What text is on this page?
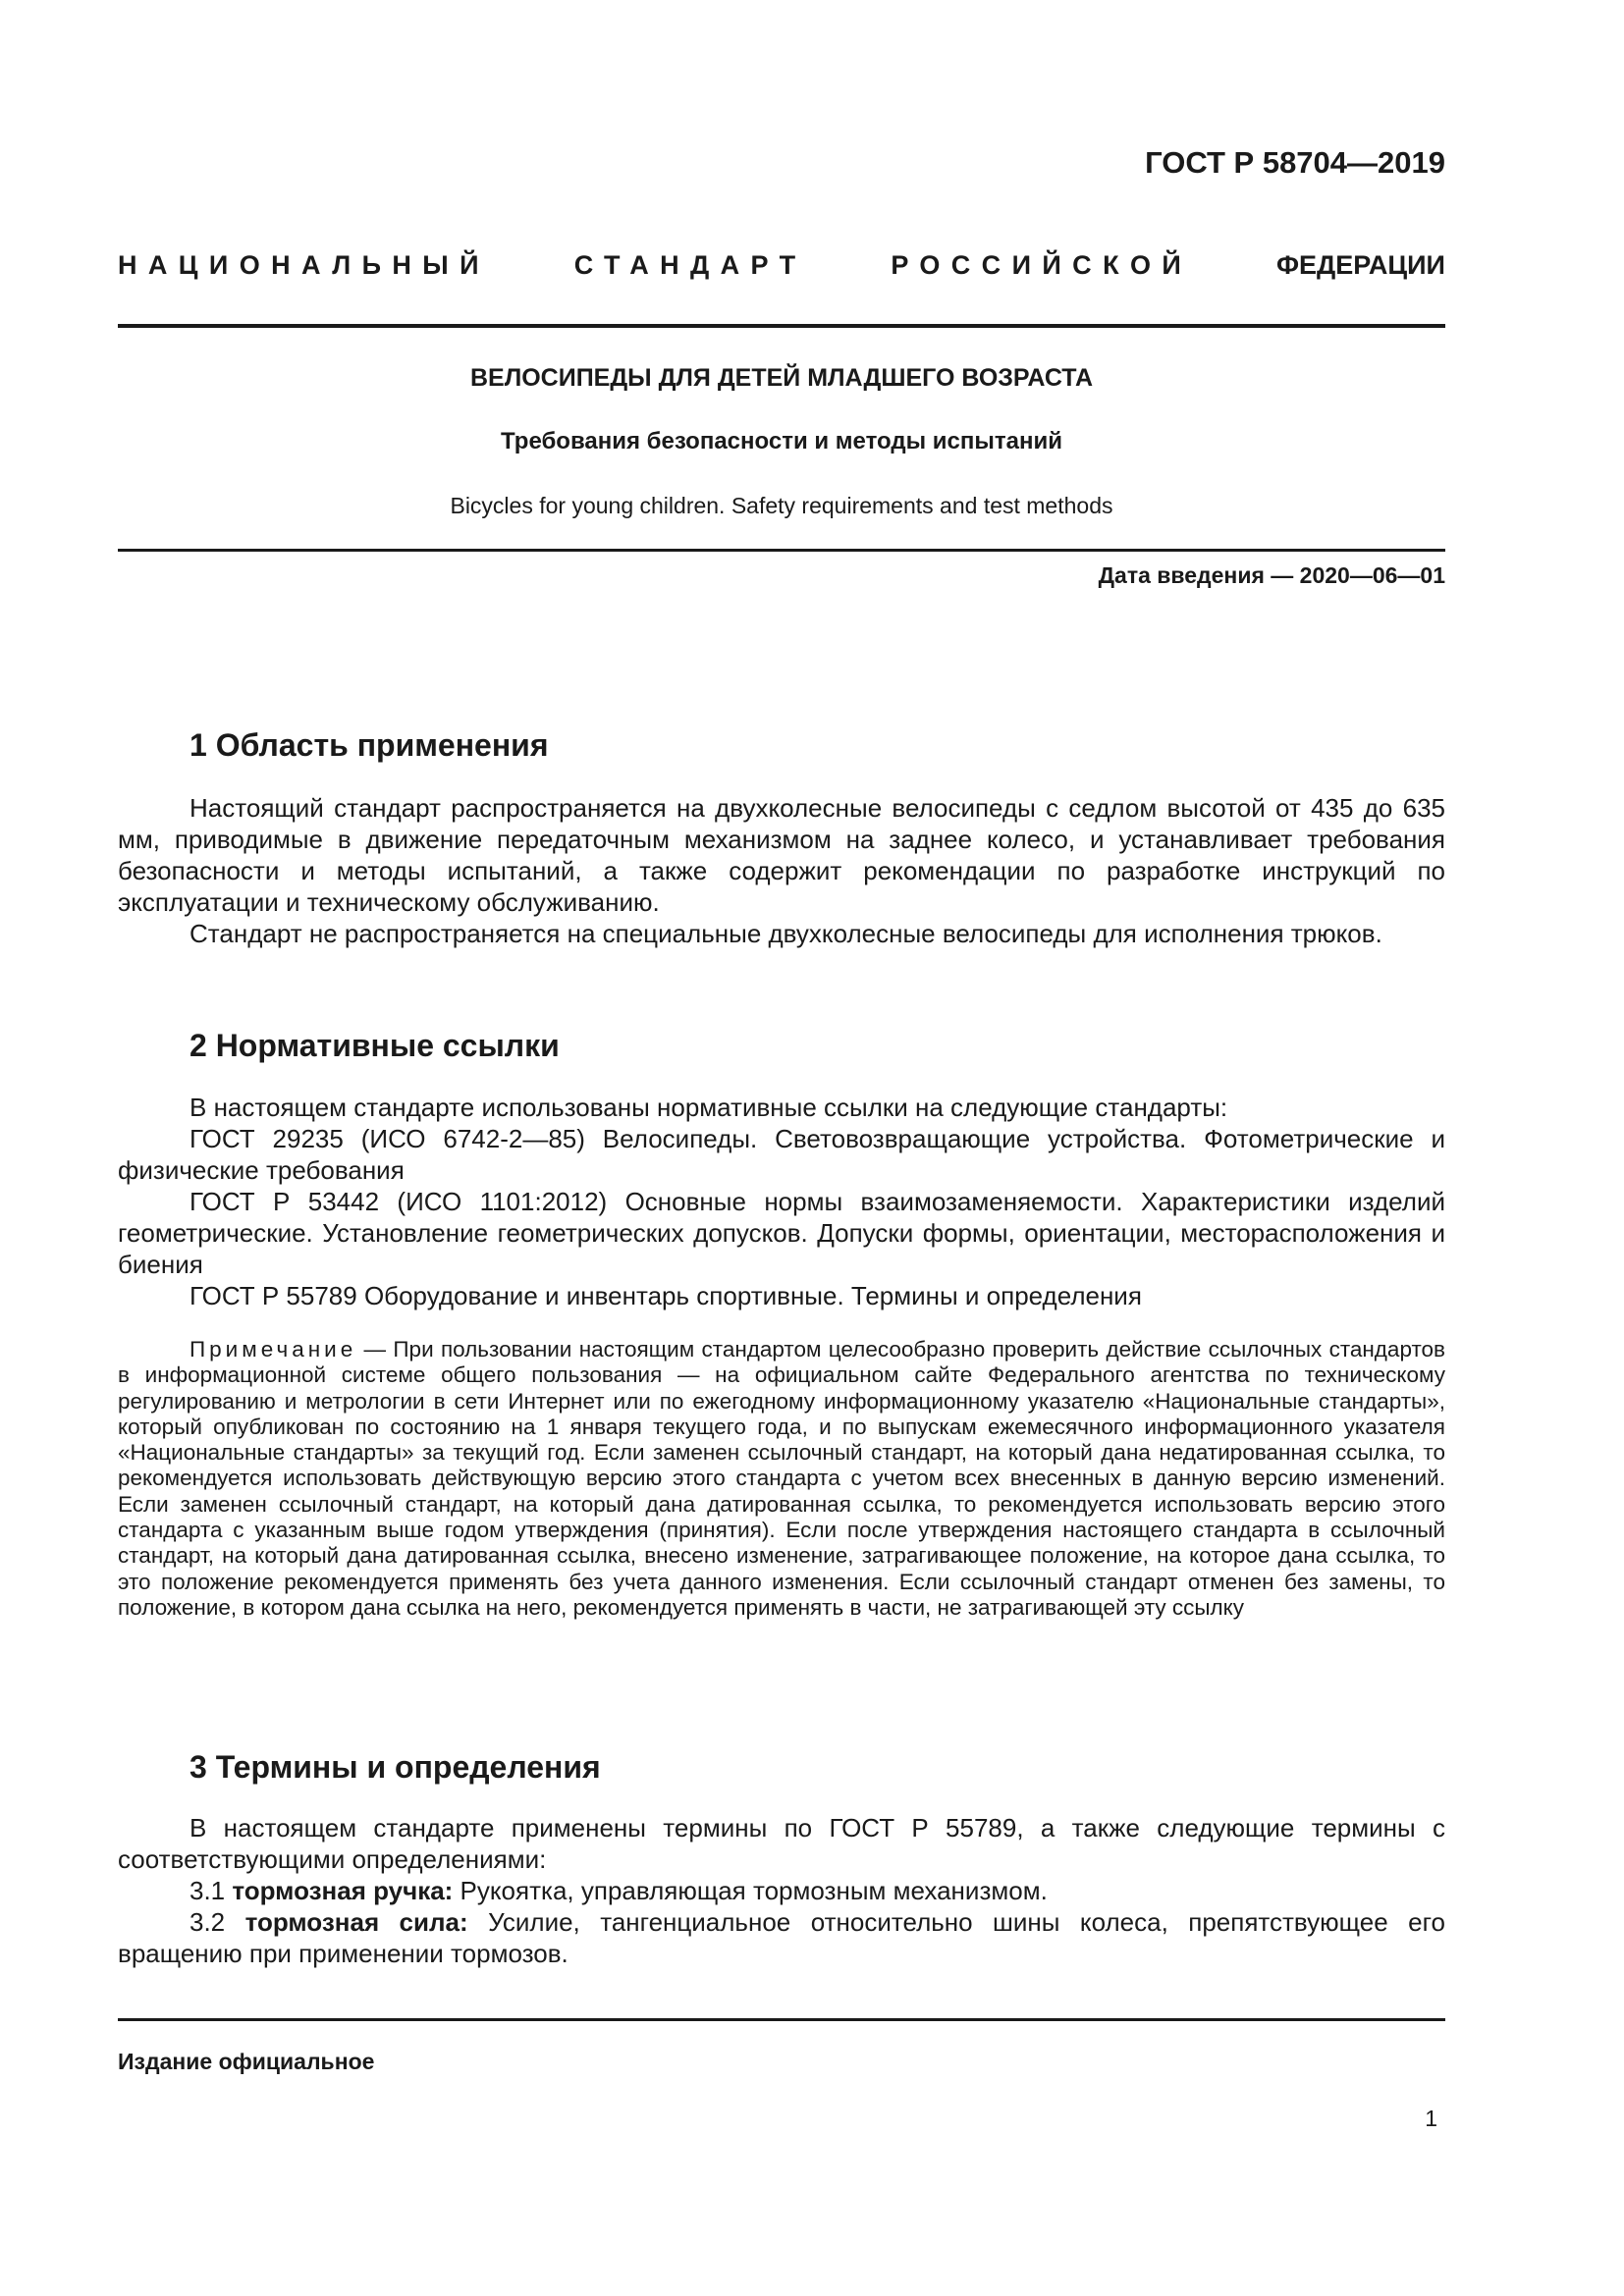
ГОСТ Р 58704—2019
НАЦИОНАЛЬНЫЙ	СТАНДАРТ	РОССИЙСКОЙ	ФЕДЕРАЦИИ
ВЕЛОСИПЕДЫ ДЛЯ ДЕТЕЙ МЛАДШЕГО ВОЗРАСТА
Требования безопасности и методы испытаний
Bicycles for young children. Safety requirements and test methods
Дата введения — 2020—06—01
1 Область применения

Настоящий стандарт распространяется на двухколесные велосипеды с седлом высотой от 435 до 635 мм, приводимые в движение передаточным механизмом на заднее колесо, и устанавливает требования безопасности и методы испытаний, а также содержит рекомендации по разработке инструкций по эксплуатации и техническому обслуживанию.

Стандарт не распространяется на специальные двухколесные велосипеды для исполнения трюков.

2 Нормативные ссылки

В настоящем стандарте использованы нормативные ссылки на следующие стандарты:

ГОСТ 29235 (ИСО 6742-2—85) Велосипеды. Световозвращающие устройства. Фотометрические и физические требования

ГОСТ Р 53442 (ИСО 1101:2012) Основные нормы взаимозаменяемости. Характеристики изделий геометрические. Установление геометрических допусков. Допуски формы, ориентации, месторасположения и биения

ГОСТ Р 55789 Оборудование и инвентарь спортивные. Термины и определения

Примечание — При пользовании настоящим стандартом целесообразно проверить действие ссылочных стандартов в информационной системе общего пользования — на официальном сайте Федерального агентства по техническому регулированию и метрологии в сети Интернет или по ежегодному информационному указателю «Национальные стандарты», который опубликован по состоянию на 1 января текущего года, и по выпускам ежемесячного информационного указателя «Национальные стандарты» за текущий год. Если заменен ссылочный стандарт, на который дана недатированная ссылка, то рекомендуется использовать действующую версию этого стандарта с учетом всех внесенных в данную версию изменений. Если заменен ссылочный стандарт, на который дана датированная ссылка, то рекомендуется использовать версию этого стандарта с указанным выше годом утверждения (принятия). Если после утверждения настоящего стандарта в ссылочный стандарт, на который дана датированная ссылка, внесено изменение, затрагивающее положение, на которое дана ссылка, то это положение рекомендуется применять без учета данного изменения. Если ссылочный стандарт отменен без замены, то положение, в котором дана ссылка на него, рекомендуется применять в части, не затрагивающей эту ссылку

3 Термины и определения

В настоящем стандарте применены термины по ГОСТ Р 55789, а также следующие термины с соответствующими определениями:

3.1 тормозная ручка: Рукоятка, управляющая тормозным механизмом.

3.2 тормозная сила: Усилие, тангенциальное относительно шины колеса, препятствующее его вращению при применении тормозов.

Издание официальное
1
